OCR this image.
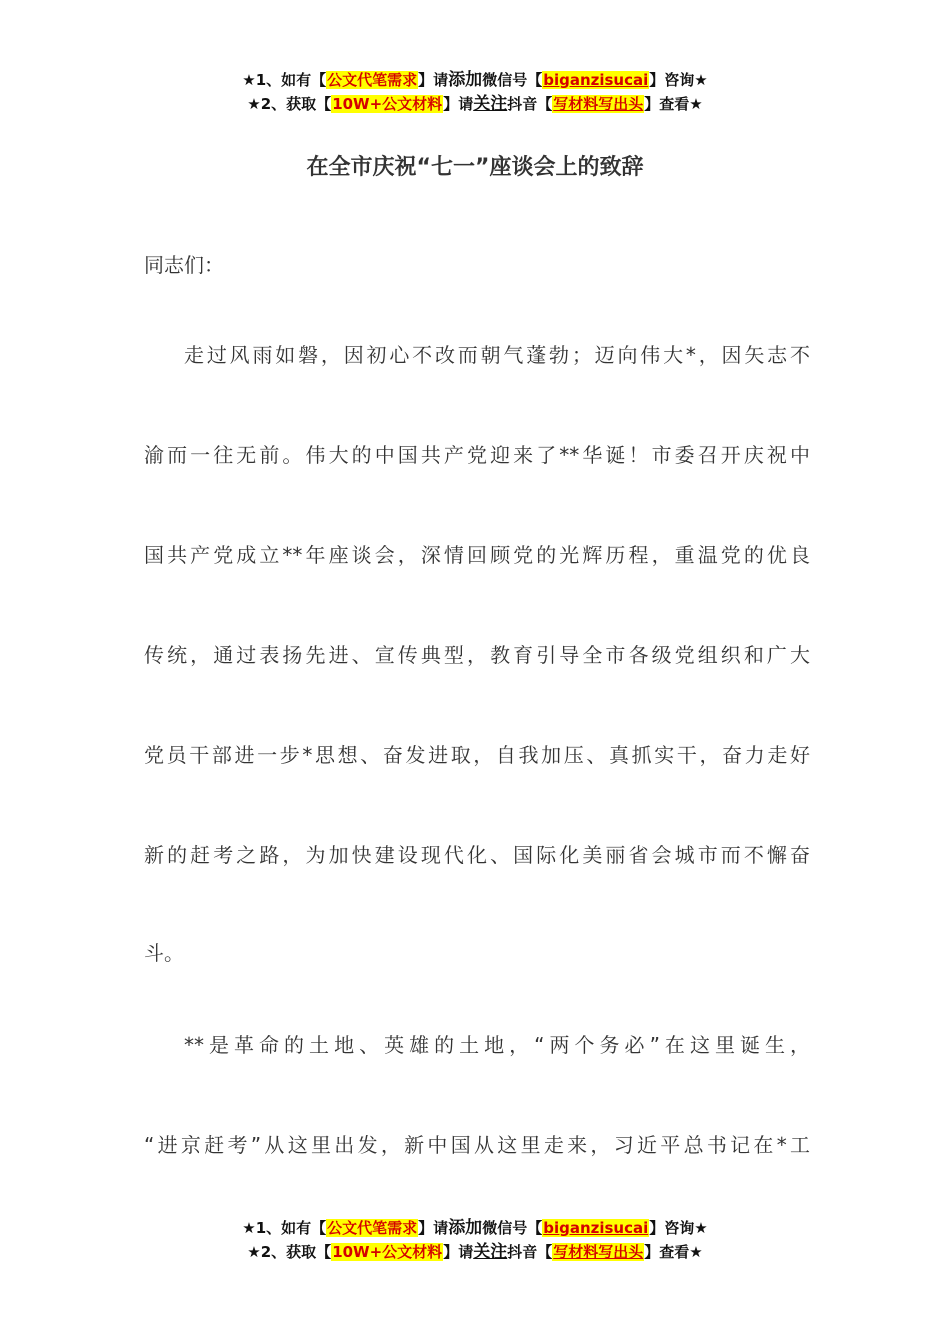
★1、如有【公文代笔需求】请添加微信号【biganzisucai】咨询★
★2、获取【10W+公文材料】请关注抖音【写材料写出头】查看★
在全市庆祝“七一”座谈会上的致辞
同志们：
走过风雨如磐，因初心不改而朝气蓬勃；迈向伟大*，因矢志不
渝而一往无前。伟大的中国共产党迎来了**华诞！市委召开庆祝中
国共产党成立**年座谈会，深情回顾党的光辉历程，重温党的优良
传统，通过表扬先进、宣传典型，教育引导全市各级党组织和广大
党员干部进一步*思想、奋发进取，自我加压、真抓实干，奋力走好
新的赶考之路，为加快建设现代化、国际化美丽省会城市而不懈奋
斗。
**是革命的土地、英雄的土地，“两个务必”在这里诞生，
“进京赶考”从这里出发，新中国从这里走来，习近平总书记在*工
★1、如有【公文代笔需求】请添加微信号【biganzisucai】咨询★
★2、获取【10W+公文材料】请关注抖音【写材料写出头】查看★
